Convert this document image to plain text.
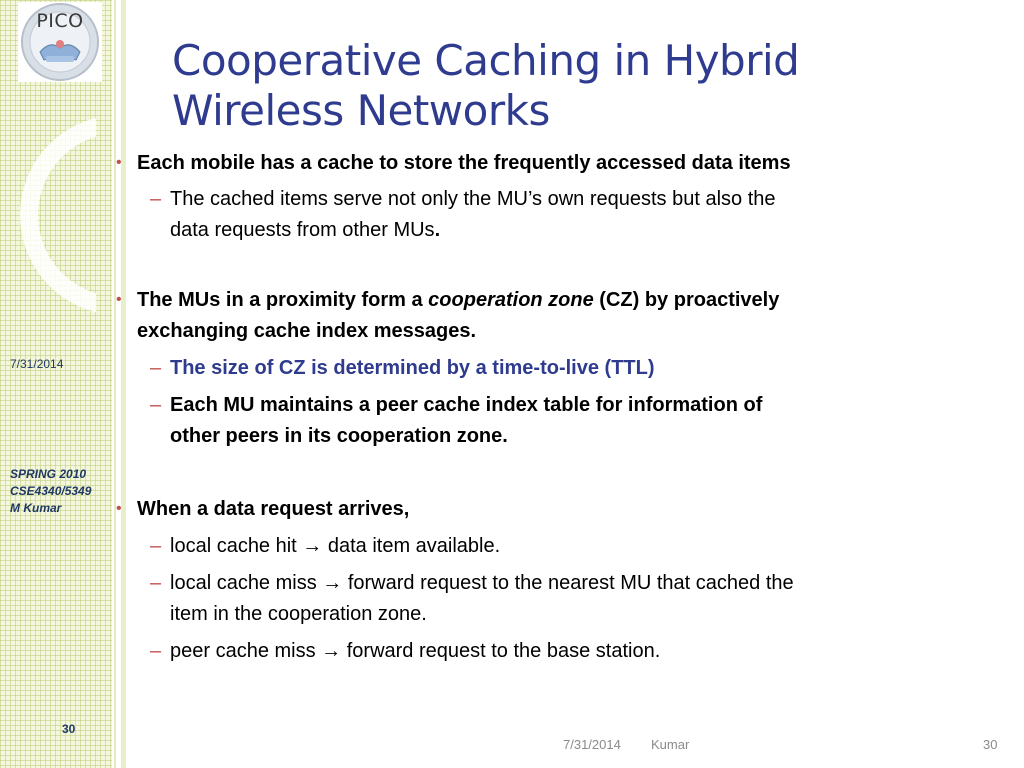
PICO
7/31/2014
SPRING 2010
CSE4340/5349
M Kumar
30
Cooperative Caching in Hybrid
Wireless Networks
• Each mobile has a cache to store the frequently accessed data items
– The cached items serve not only the MU’s own requests but also the
data requests from other MUs.
• The MUs in a proximity form a cooperation zone (CZ) by proactively
exchanging cache index messages.
– The size of CZ is determined by a time-to-live (TTL)
– Each MU maintains a peer cache index table for information of
other peers in its cooperation zone.
• When a data request arrives,
– local cache hit → data item available.
– local cache miss → forward request to the nearest MU that cached the
item in the cooperation zone.
– peer cache miss → forward request to the base station.
7/31/2014 Kumar	30
